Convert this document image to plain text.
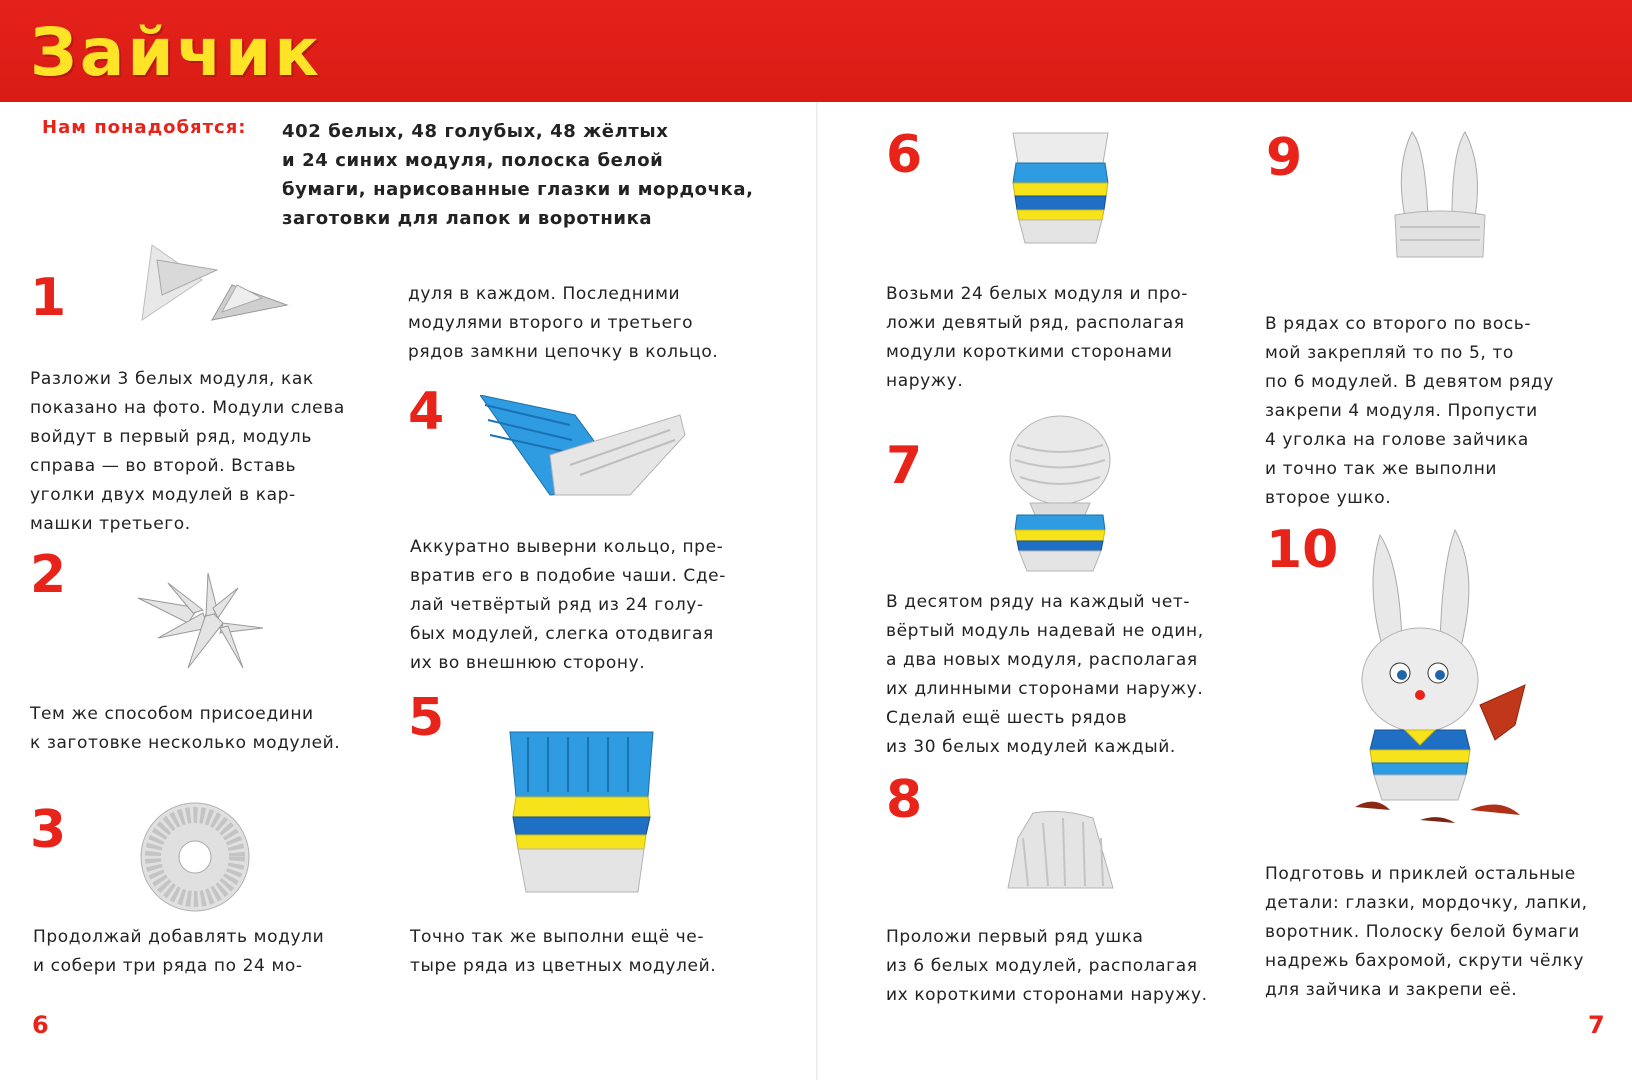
Зайчик
Нам понадобятся: 402 белых, 48 голубых, 48 жёлтых
и 24 синих модуля, полоска белой
бумаги, нарисованные глазки и мордочка,
заготовки для лапок и воротника
1
Разложи 3 белых модуля, как
показано на фото. Модули слева
войдут в первый ряд, модуль
справа — во второй. Вставь
уголки двух модулей в кар-
машки третьего.
2
Тем же способом присоедини
к заготовке несколько модулей.
3
Продолжай добавлять модули
и собери три ряда по 24 мо-
дуля в каждом. Последними
модулями второго и третьего
рядов замкни цепочку в кольцо.
4
Аккуратно выверни кольцо, пре-
вратив его в подобие чаши. Сде-
лай четвёртый ряд из 24 голу-
бых модулей, слегка отодвигая
их во внешнюю сторону.
5
Точно так же выполни ещё че-
тыре ряда из цветных модулей.
6
Возьми 24 белых модуля и про-
ложи девятый ряд, располагая
модули короткими сторонами
наружу.
7
В десятом ряду на каждый чет-
вёртый модуль надевай не один,
а два новых модуля, располагая
их длинными сторонами наружу.
Сделай ещё шесть рядов
из 30 белых модулей каждый.
8
Проложи первый ряд ушка
из 6 белых модулей, располагая
их короткими сторонами наружу.
9
В рядах со второго по вось-
мой закрепляй то по 5, то
по 6 модулей. В девятом ряду
закрепи 4 модуля. Пропусти
4 уголка на голове зайчика
и точно так же выполни
второе ушко.
10
Подготовь и приклей остальные
детали: глазки, мордочку, лапки,
воротник. Полоску белой бумаги
надрежь бахромой, скрути чёлку
для зайчика и закрепи её.
6	7
